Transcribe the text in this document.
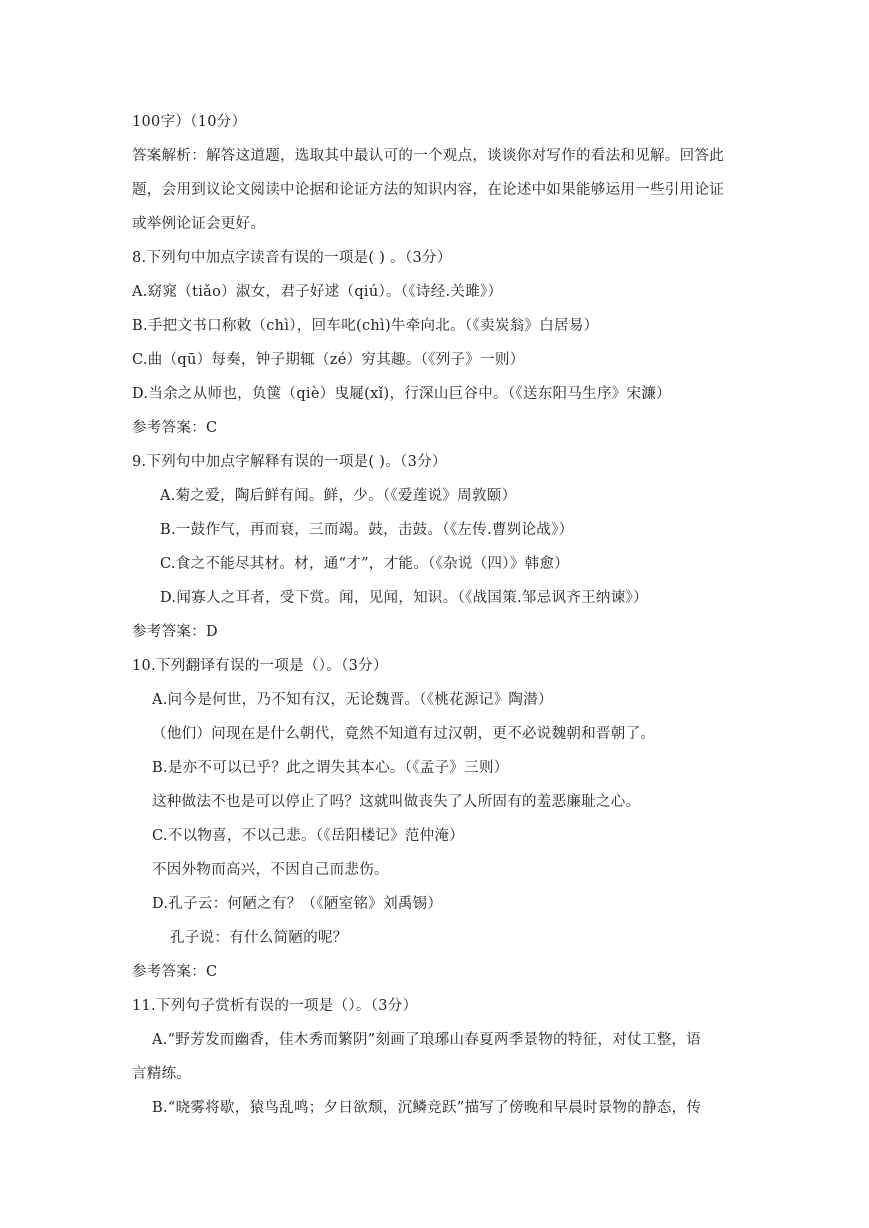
100字）（10分）
答案解析：解答这道题，选取其中最认可的一个观点，谈谈你对写作的看法和见解。回答此
题，会用到议论文阅读中论据和论证方法的知识内容，在论述中如果能够运用一些引用论证
或举例论证会更好。
8.下列句中加点字读音有误的一项是( ) 。（3分）
A.窈窕（tiǎo）淑女，君子好逑（qiú）。（《诗经.关雎》）
B.手把文书口称敕（chì），回车叱(chì)牛牵向北。（《卖炭翁》白居易）
C.曲（qū）每奏，钟子期辄（zé）穷其趣。（《列子》一则）
D.当余之从师也，负箧（qiè）曳屣(xǐ)，行深山巨谷中。（《送东阳马生序》宋濂）
参考答案：C
9.下列句中加点字解释有误的一项是( )。（3分）
A.菊之爱，陶后鲜有闻。鲜，少。（《爱莲说》周敦颐）
B.一鼓作气，再而衰，三而竭。鼓，击鼓。（《左传.曹刿论战》）
C.食之不能尽其材。材，通“才”，才能。（《杂说（四）》韩愈）
D.闻寡人之耳者，受下赏。闻，见闻，知识。（《战国策.邹忌讽齐王纳谏》）
参考答案：D
10.下列翻译有误的一项是（）。（3分）
A.问今是何世，乃不知有汉，无论魏晋。（《桃花源记》陶潜）
（他们）问现在是什么朝代，竟然不知道有过汉朝，更不必说魏朝和晋朝了。
B.是亦不可以已乎？此之谓失其本心。（《孟子》三则）
这种做法不也是可以停止了吗？这就叫做丧失了人所固有的羞恶廉耻之心。
C.不以物喜，不以己悲。（《岳阳楼记》范仲淹）
不因外物而高兴，不因自己而悲伤。
D.孔子云：何陋之有？（《陋室铭》刘禹锡）
孔子说：有什么简陋的呢？
参考答案：C
11.下列句子赏析有误的一项是（）。（3分）
A.“野芳发而幽香，佳木秀而繁阴”刻画了琅琊山春夏两季景物的特征，对仗工整，语
言精练。
B.“晓雾将歇，猿鸟乱鸣；夕日欲颓，沉鳞竞跃”描写了傍晚和早晨时景物的静态，传
